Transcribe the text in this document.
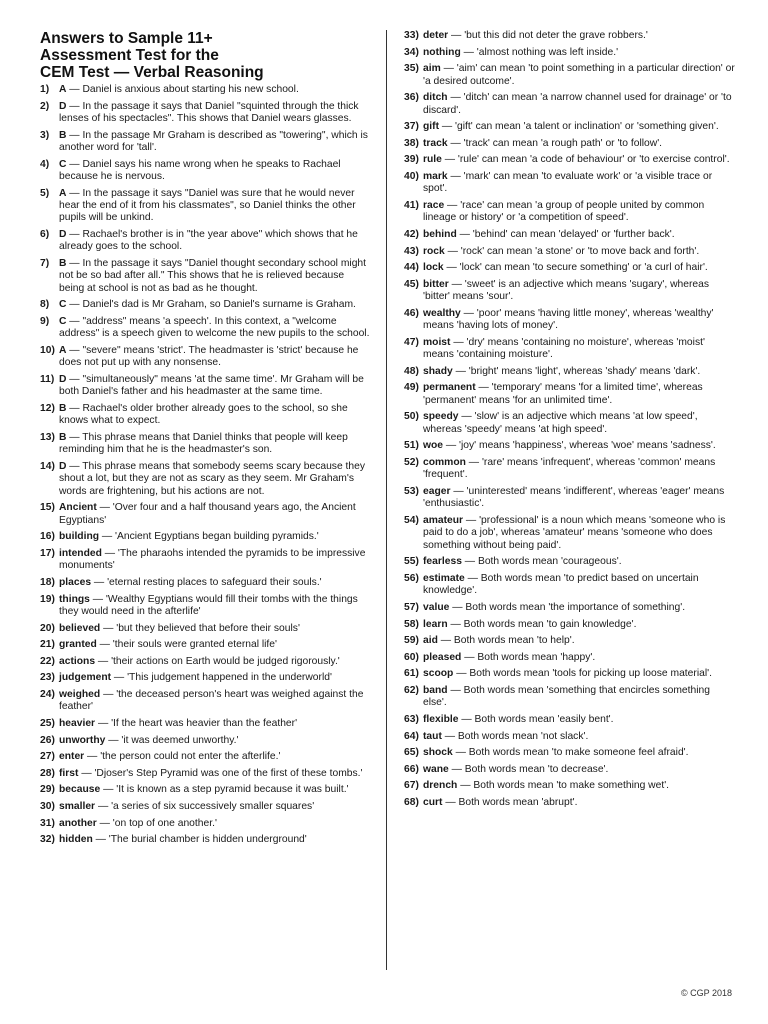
Answers to Sample 11+
Assessment Test for the
CEM Test — Verbal Reasoning
1) A — Daniel is anxious about starting his new school.
2) D — In the passage it says that Daniel "squinted through the thick lenses of his spectacles". This shows that Daniel wears glasses.
3) B — In the passage Mr Graham is described as "towering", which is another word for 'tall'.
4) C — Daniel says his name wrong when he speaks to Rachael because he is nervous.
5) A — In the passage it says "Daniel was sure that he would never hear the end of it from his classmates", so Daniel thinks the other pupils will be unkind.
6) D — Rachael's brother is in "the year above" which shows that he already goes to the school.
7) B — In the passage it says "Daniel thought secondary school might not be so bad after all." This shows that he is relieved because being at school is not as bad as he thought.
8) C — Daniel's dad is Mr Graham, so Daniel's surname is Graham.
9) C — "address" means 'a speech'. In this context, a "welcome address" is a speech given to welcome the new pupils to the school.
10) A — "severe" means 'strict'. The headmaster is 'strict' because he does not put up with any nonsense.
11) D — "simultaneously" means 'at the same time'. Mr Graham will be both Daniel's father and his headmaster at the same time.
12) B — Rachael's older brother already goes to the school, so she knows what to expect.
13) B — This phrase means that Daniel thinks that people will keep reminding him that he is the headmaster's son.
14) D — This phrase means that somebody seems scary because they shout a lot, but they are not as scary as they seem. Mr Graham's words are frightening, but his actions are not.
15) Ancient — 'Over four and a half thousand years ago, the Ancient Egyptians'
16) building — 'Ancient Egyptians began building pyramids.'
17) intended — 'The pharaohs intended the pyramids to be impressive monuments'
18) places — 'eternal resting places to safeguard their souls.'
19) things — 'Wealthy Egyptians would fill their tombs with the things they would need in the afterlife'
20) believed — 'but they believed that before their souls'
21) granted — 'their souls were granted eternal life'
22) actions — 'their actions on Earth would be judged rigorously.'
23) judgement — 'This judgement happened in the underworld'
24) weighed — 'the deceased person's heart was weighed against the feather'
25) heavier — 'If the heart was heavier than the feather'
26) unworthy — 'it was deemed unworthy.'
27) enter — 'the person could not enter the afterlife.'
28) first — 'Djoser's Step Pyramid was one of the first of these tombs.'
29) because — 'It is known as a step pyramid because it was built.'
30) smaller — 'a series of six successively smaller squares'
31) another — 'on top of one another.'
32) hidden — 'The burial chamber is hidden underground'
33) deter — 'but this did not deter the grave robbers.'
34) nothing — 'almost nothing was left inside.'
35) aim — 'aim' can mean 'to point something in a particular direction' or 'a desired outcome'.
36) ditch — 'ditch' can mean 'a narrow channel used for drainage' or 'to discard'.
37) gift — 'gift' can mean 'a talent or inclination' or 'something given'.
38) track — 'track' can mean 'a rough path' or 'to follow'.
39) rule — 'rule' can mean 'a code of behaviour' or 'to exercise control'.
40) mark — 'mark' can mean 'to evaluate work' or 'a visible trace or spot'.
41) race — 'race' can mean 'a group of people united by common lineage or history' or 'a competition of speed'.
42) behind — 'behind' can mean 'delayed' or 'further back'.
43) rock — 'rock' can mean 'a stone' or 'to move back and forth'.
44) lock — 'lock' can mean 'to secure something' or 'a curl of hair'.
45) bitter — 'sweet' is an adjective which means 'sugary', whereas 'bitter' means 'sour'.
46) wealthy — 'poor' means 'having little money', whereas 'wealthy' means 'having lots of money'.
47) moist — 'dry' means 'containing no moisture', whereas 'moist' means 'containing moisture'.
48) shady — 'bright' means 'light', whereas 'shady' means 'dark'.
49) permanent — 'temporary' means 'for a limited time', whereas 'permanent' means 'for an unlimited time'.
50) speedy — 'slow' is an adjective which means 'at low speed', whereas 'speedy' means 'at high speed'.
51) woe — 'joy' means 'happiness', whereas 'woe' means 'sadness'.
52) common — 'rare' means 'infrequent', whereas 'common' means 'frequent'.
53) eager — 'uninterested' means 'indifferent', whereas 'eager' means 'enthusiastic'.
54) amateur — 'professional' is a noun which means 'someone who is paid to do a job', whereas 'amateur' means 'someone who does something without being paid'.
55) fearless — Both words mean 'courageous'.
56) estimate — Both words mean 'to predict based on uncertain knowledge'.
57) value — Both words mean 'the importance of something'.
58) learn — Both words mean 'to gain knowledge'.
59) aid — Both words mean 'to help'.
60) pleased — Both words mean 'happy'.
61) scoop — Both words mean 'tools for picking up loose material'.
62) band — Both words mean 'something that encircles something else'.
63) flexible — Both words mean 'easily bent'.
64) taut — Both words mean 'not slack'.
65) shock — Both words mean 'to make someone feel afraid'.
66) wane — Both words mean 'to decrease'.
67) drench — Both words mean 'to make something wet'.
68) curt — Both words mean 'abrupt'.
© CGP 2018
